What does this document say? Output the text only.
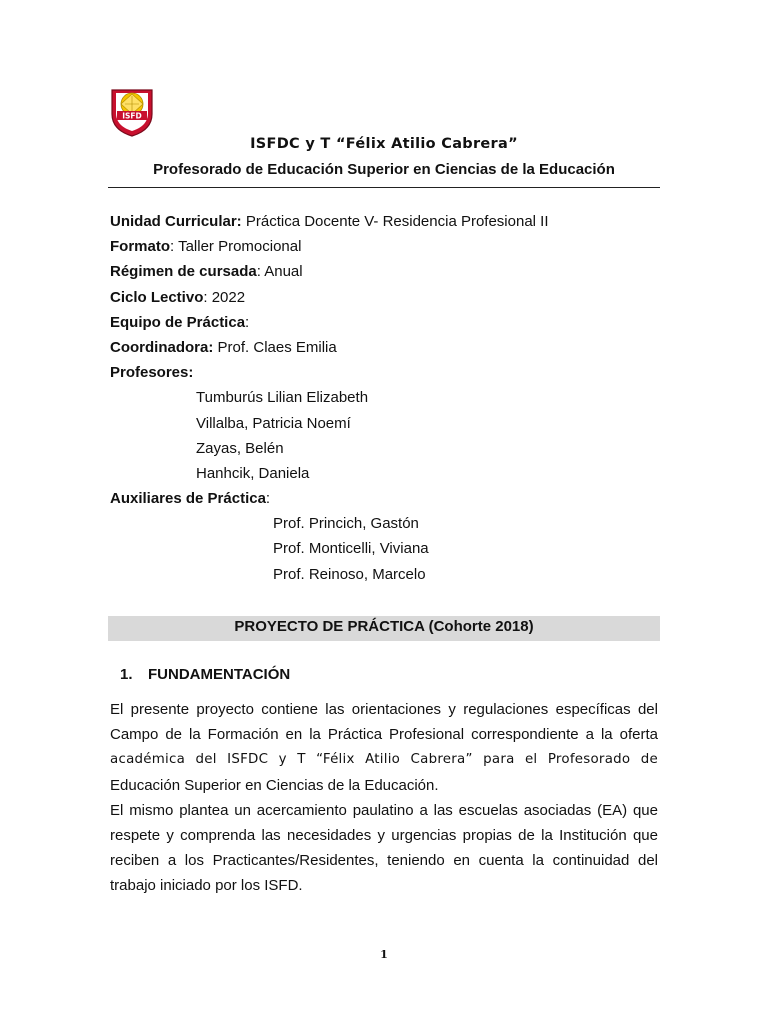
ISFD
ISFDC y T “Félix Atilio Cabrera”
Profesorado de Educación Superior en Ciencias de la Educación
Unidad Curricular: Práctica Docente V- Residencia Profesional II
Formato: Taller Promocional
Régimen de cursada: Anual
Ciclo Lectivo: 2022
Equipo de Práctica:
Coordinadora: Prof. Claes Emilia
Profesores:
Tumburús Lilian Elizabeth
Villalba, Patricia Noemí
Zayas, Belén
Hanhcik, Daniela
Auxiliares de Práctica:
Prof. Princich, Gastón
Prof. Monticelli, Viviana
Prof. Reinoso, Marcelo
PROYECTO DE PRÁCTICA (Cohorte 2018)
1. FUNDAMENTACIÓN
El presente proyecto contiene las orientaciones y regulaciones específicas del
Campo de la Formación en la Práctica Profesional correspondiente a la oferta
académica del ISFDC y T “Félix Atilio Cabrera” para el Profesorado de
Educación Superior en Ciencias de la Educación.
El mismo plantea un acercamiento paulatino a las escuelas asociadas (EA) que
respete y comprenda las necesidades y urgencias propias de la Institución que
reciben a los Practicantes/Residentes, teniendo en cuenta la continuidad del
trabajo iniciado por los ISFD.
1
